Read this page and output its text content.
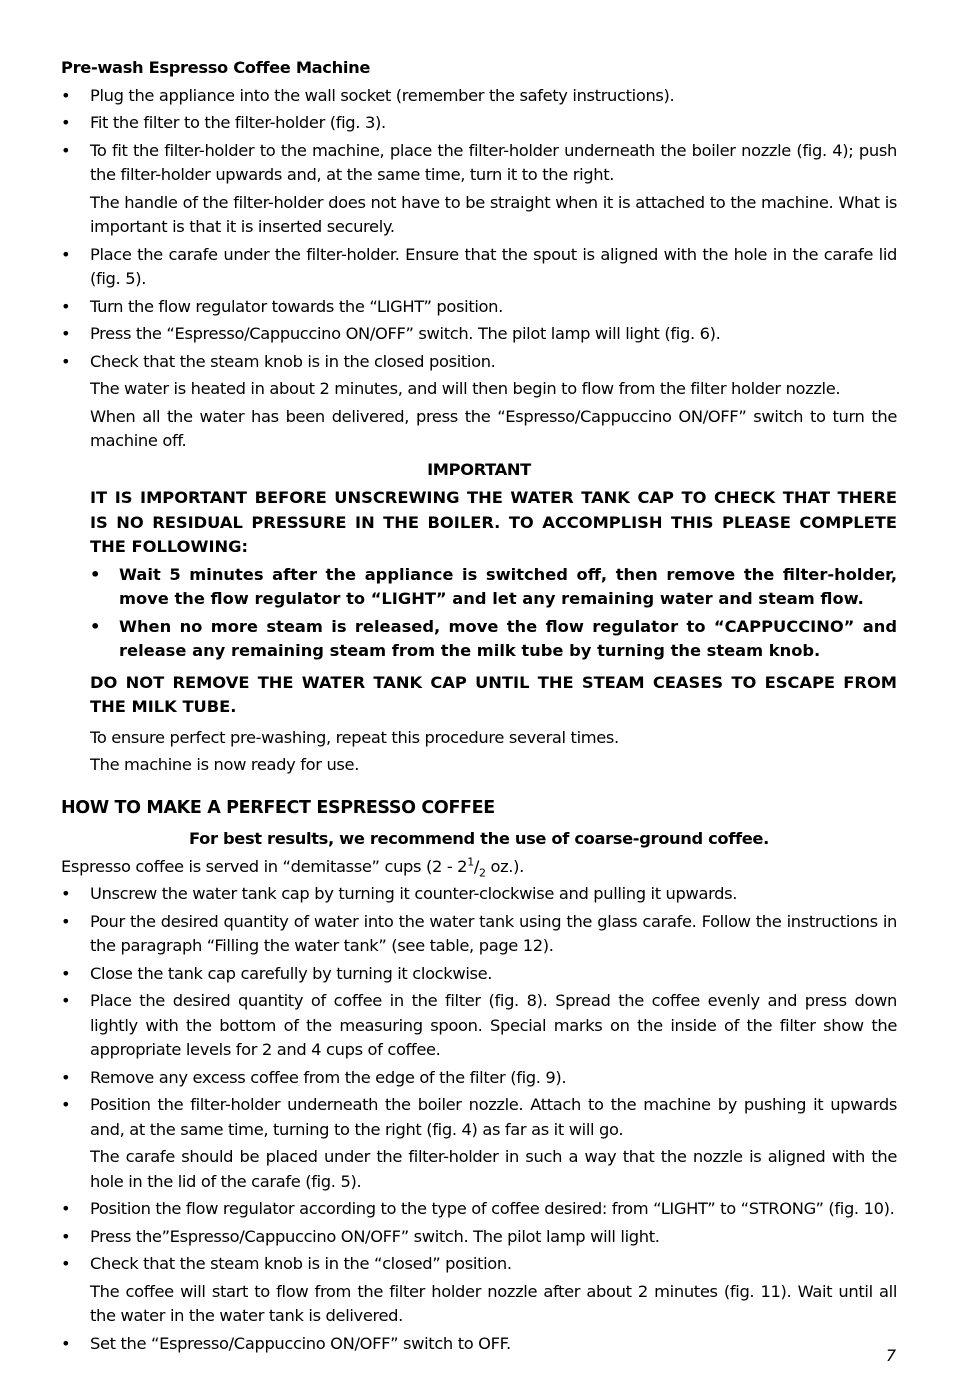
Pre-wash Espresso Coffee Machine

• Plug the appliance into the wall socket (remember the safety instructions).
• Fit the filter to the filter-holder (fig. 3).
• To fit the filter-holder to the machine, place the filter-holder underneath the boiler nozzle (fig. 4); push the filter-holder upwards and, at the same time, turn it to the right.

The handle of the filter-holder does not have to be straight when it is attached to the machine. What is important is that it is inserted securely.

• Place the carafe under the filter-holder. Ensure that the spout is aligned with the hole in the carafe lid (fig. 5).
• Turn the flow regulator towards the “LIGHT” position.
• Press the “Espresso/Cappuccino ON/OFF” switch. The pilot lamp will light (fig. 6).
• Check that the steam knob is in the closed position.

The water is heated in about 2 minutes, and will then begin to flow from the filter holder nozzle.

When all the water has been delivered, press the “Espresso/Cappuccino ON/OFF” switch to turn the machine off.

IMPORTANT

IT IS IMPORTANT BEFORE UNSCREWING THE WATER TANK CAP TO CHECK THAT THERE IS NO RESIDUAL PRESSURE IN THE BOILER. TO ACCOMPLISH THIS PLEASE COMPLETE THE FOLLOWING:

• Wait 5 minutes after the appliance is switched off, then remove the filter-holder, move the flow regulator to “LIGHT” and let any remaining water and steam flow.
• When no more steam is released, move the flow regulator to “CAPPUCCINO” and release any remaining steam from the milk tube by turning the steam knob.

DO NOT REMOVE THE WATER TANK CAP UNTIL THE STEAM CEASES TO ESCAPE FROM THE MILK TUBE.

To ensure perfect pre-washing, repeat this procedure several times.

The machine is now ready for use.

HOW TO MAKE A PERFECT ESPRESSO COFFEE

For best results, we recommend the use of coarse-ground coffee.

Espresso coffee is served in “demitasse” cups ($2 - 2^1/_2$ oz.).

• Unscrew the water tank cap by turning it counter-clockwise and pulling it upwards.
• Pour the desired quantity of water into the water tank using the glass carafe. Follow the instructions in the paragraph “Filling the water tank” (see table, page 12).
• Close the tank cap carefully by turning it clockwise.
• Place the desired quantity of coffee in the filter (fig. 8). Spread the coffee evenly and press down lightly with the bottom of the measuring spoon. Special marks on the inside of the filter show the appropriate levels for 2 and 4 cups of coffee.
• Remove any excess coffee from the edge of the filter (fig. 9).
• Position the filter-holder underneath the boiler nozzle. Attach to the machine by pushing it upwards and, at the same time, turning to the right (fig. 4) as far as it will go.

The carafe should be placed under the filter-holder in such a way that the nozzle is aligned with the hole in the lid of the carafe (fig. 5).

• Position the flow regulator according to the type of coffee desired: from “LIGHT” to “STRONG” (fig. 10).
• Press the”Espresso/Cappuccino ON/OFF” switch. The pilot lamp will light.
• Check that the steam knob is in the “closed” position.

The coffee will start to flow from the filter holder nozzle after about 2 minutes (fig. 11). Wait until all the water in the water tank is delivered.

• Set the “Espresso/Cappuccino ON/OFF” switch to OFF.
7
